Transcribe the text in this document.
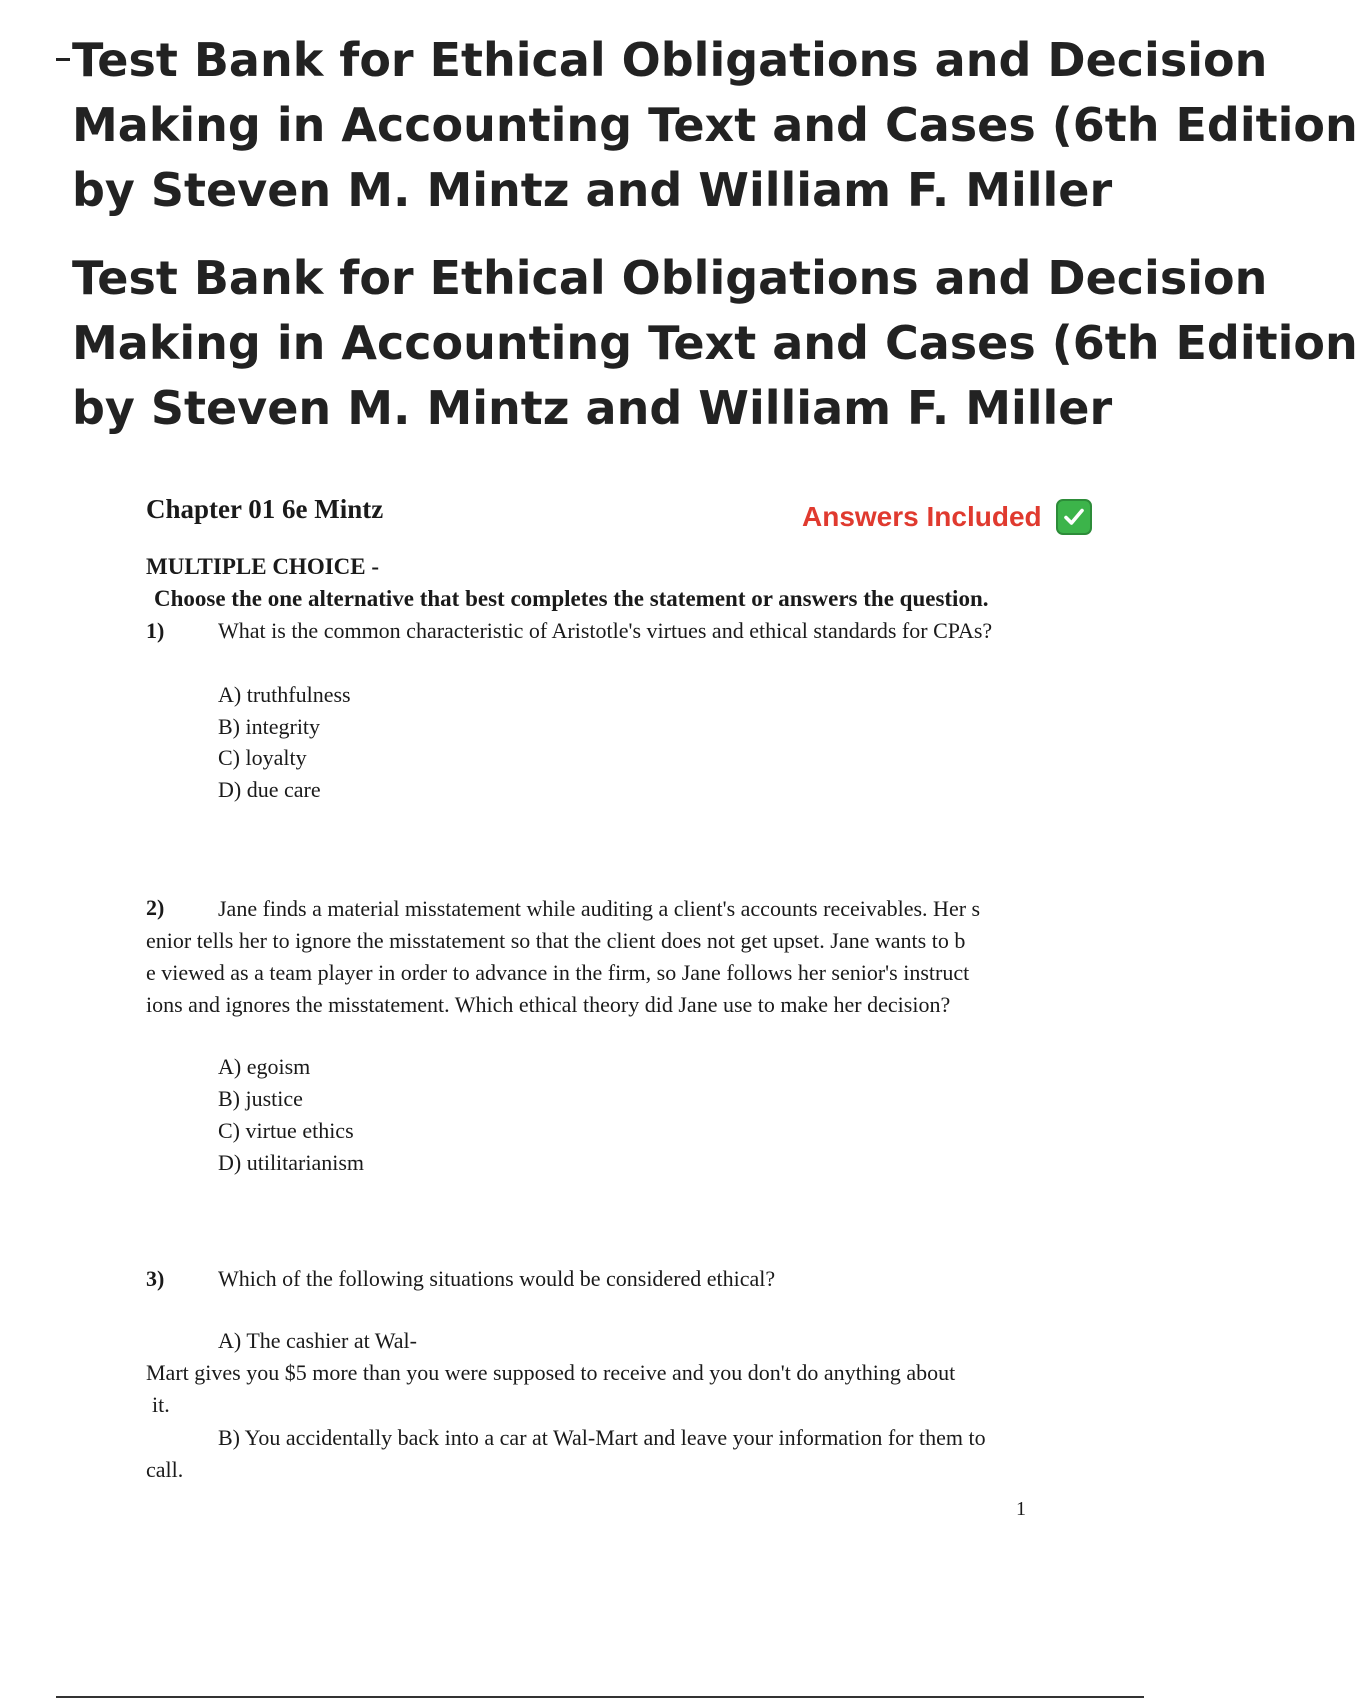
Test Bank for Ethical Obligations and Decision
Making in Accounting Text and Cases (6th Edition
by Steven M. Mintz and William F. Miller
Test Bank for Ethical Obligations and Decision
Making in Accounting Text and Cases (6th Edition
by Steven M. Mintz and William F. Miller
Chapter 01 6e Mintz	Answers Included
MULTIPLE CHOICE -
Choose the one alternative that best completes the statement or answers the question.
1) What is the common characteristic of Aristotle's virtues and ethical standards for CPAs?
A) truthfulness
B) integrity
C) loyalty
D) due care
2)	Jane finds a material misstatement while auditing a client's accounts receivables. Her s
enior tells her to ignore the misstatement so that the client does not get upset. Jane wants to b
e viewed as a team player in order to advance in the firm, so Jane follows her senior's instruct
ions and ignores the misstatement. Which ethical theory did Jane use to make her decision?
A) egoism
B) justice
C) virtue ethics
D) utilitarianism
3) Which of the following situations would be considered ethical?
A) The cashier at Wal-
Mart gives you $5 more than you were supposed to receive and you don't do anything about
it.
B) You accidentally back into a car at Wal-Mart and leave your information for them to
call.
1
